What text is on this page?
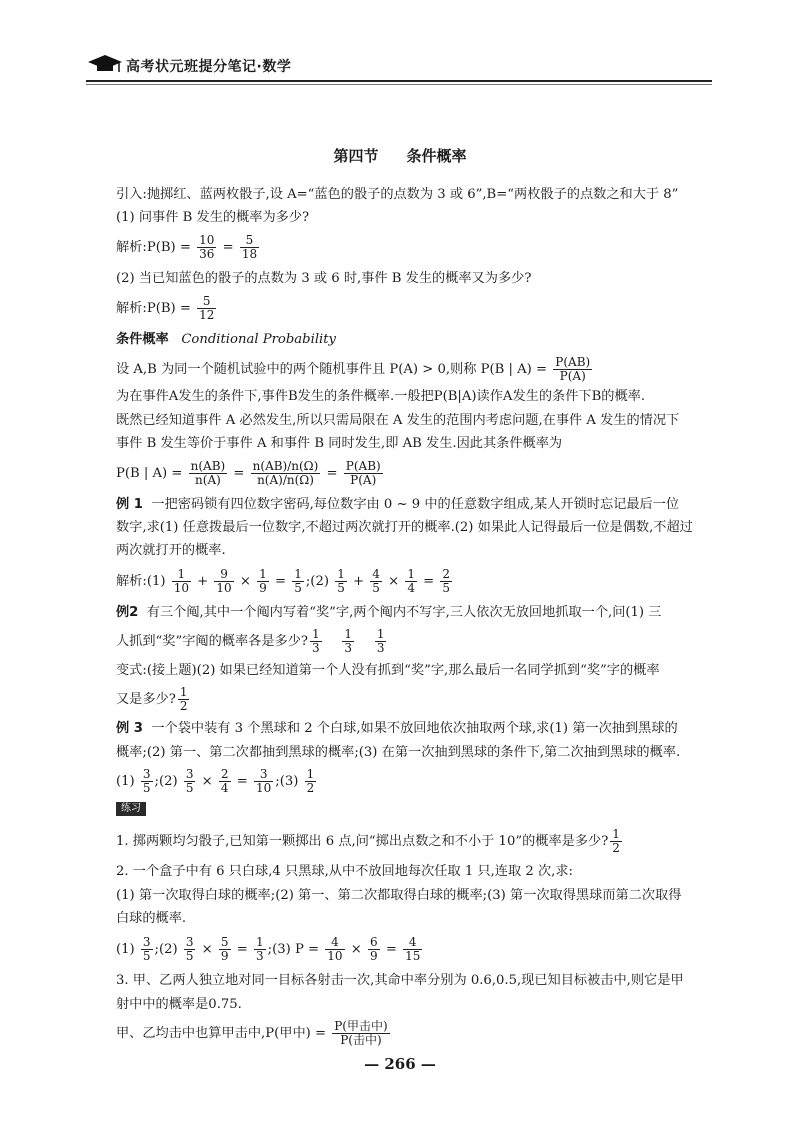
高考状元班提分笔记·数学
第四节 条件概率
引入:抛掷红、蓝两枚骰子,设 A=“蓝色的骰子的点数为 3 或 6”,B=“两枚骰子的点数之和大于 8”
(1) 问事件 B 发生的概率为多少?
解析:P(B) = $\frac{10}{36} = \frac{5}{18}$
(2) 当已知蓝色的骰子的点数为 3 或 6 时,事件 B 发生的概率又为多少?
解析:P(B) = $\frac{5}{12}$
条件概率 Conditional Probability
设 A,B 为同一个随机试验中的两个随机事件且 P(A) > 0,则称 P(B | $A) = \frac{P(AB)}{P(A)}$
为在事件A发生的条件下,事件B发生的条件概率.一般把P(B|A)读作A发生的条件下B的概率.
既然已经知道事件 A 必然发生,所以只需局限在 A 发生的范围内考虑问题,在事件 A 发生的情况下
事件 B 发生等价于事件 A 和事件 B 同时发生,即 AB 发生.因此其条件概率为
P(B | $A) = \frac{n(AB)}{n(A)} = \frac{n(AB)/n(\Omega)}{n(A)/n(\Omega)} = \frac{P(AB)}{P(A)}$
例 1 一把密码锁有四位数字密码,每位数字由 0 ~ 9 中的任意数字组成,某人开锁时忘记最后一位
数字,求(1) 任意拨最后一位数字,不超过两次就打开的概率.(2) 如果此人记得最后一位是偶数,不超过
两次就打开的概率.
解析:(1) $\frac{1}{10} + \frac{9}{10} \times \frac{1}{9} = \frac{1}{5}$ ;(2) $\frac{1}{5} + \frac{4}{5} \times \frac{1}{4} = \frac{2}{5}$
例2 有三个阄,其中一个阄内写着“奖”字,两个阄内不写字,三人依次无放回地抓取一个,问(1) 三
人抓到“奖”字阄的概率各是多少? $\frac{1}{3}$
$\frac{1}{3}$
$\frac{1}{3}$
变式:(接上题)(2) 如果已经知道第一个人没有抓到“奖”字,那么最后一名同学抓到“奖”字的概率
又是多少? $\frac{1}{2}$
例 3 一个袋中装有 3 个黑球和 2 个白球,如果不放回地依次抽取两个球,求(1) 第一次抽到黑球的
概率;(2) 第一、第二次都抽到黑球的概率;(3) 在第一次抽到黑球的条件下,第二次抽到黑球的概率.
$(1) \frac{3}{5}$ ;(2) $\frac{3}{5} \times \frac{2}{4} = \frac{3}{10}$ ;(3) $\frac{1}{2}$
练习
1. 掷两颗均匀骰子,已知第一颗掷出 6 点,问“掷出点数之和不小于 10”的概率是多少? $\frac{1}{2}$
2. 一个盒子中有 6 只白球,4 只黑球,从中不放回地每次任取 1 只,连取 2 次,求:
(1) 第一次取得白球的概率;(2) 第一、第二次都取得白球的概率;(3) 第一次取得黑球而第二次取得
白球的概率.
$(1) \frac{3}{5}$ ;(2) $\frac{3}{5} \times \frac{5}{9} = \frac{1}{3}$ ;(3) $P = \frac{4}{10} \times \frac{6}{9} = \frac{4}{15}$
3. 甲、乙两人独立地对同一目标各射击一次,其命中率分别为 0.6,0.5,现已知目标被击中,则它是甲
射中中的概率是0.75.
甲、乙均击中也算甲击中,P(甲中) = $\frac{\text{P(甲击中)}}{\text{P(击中)}}$
— 266 —
